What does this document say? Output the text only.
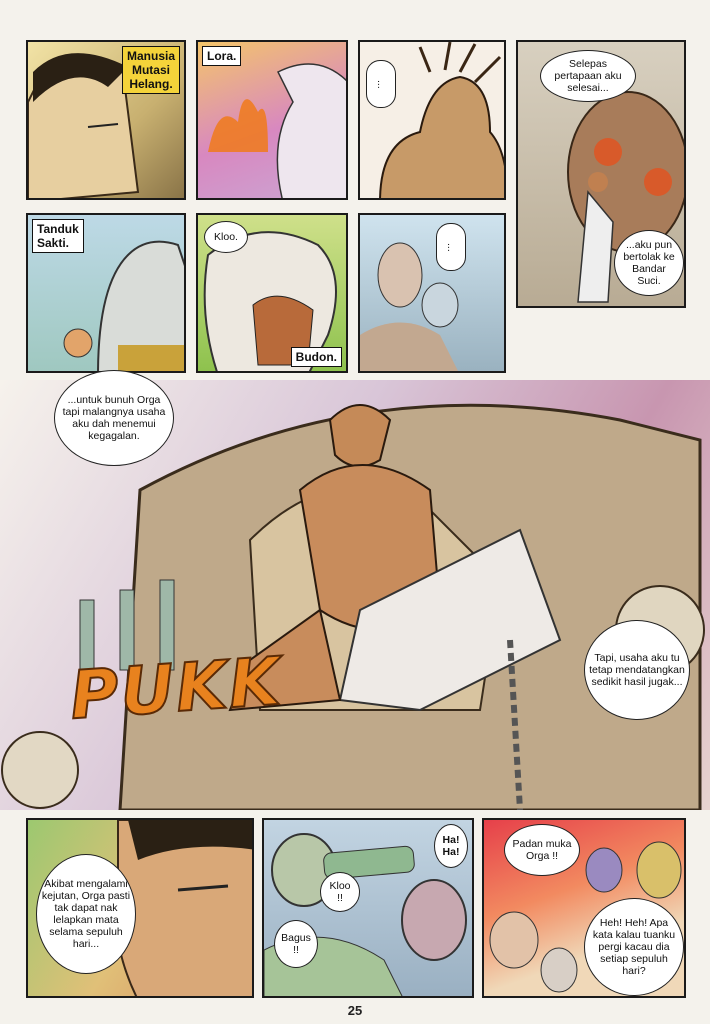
Manusia
Mutasi
Helang.
Lora.
...
Selepas pertapaan aku selesai...
...aku pun bertolak ke Bandar Suci.
Tanduk
Sakti.	Kloo.
Budon.
...
...untuk bunuh Orga tapi malangnya usaha aku dah menemui kegagalan.
Tapi, usaha aku tu tetap mendatangkan sedikit hasil jugak...
PUKK
Akibat mengalami kejutan, Orga pasti tak dapat nak lelapkan mata selama sepuluh hari...
Ha!
Ha!
Kloo
!!
Bagus
!!
Padan muka Orga !!
Heh! Heh! Apa kata kalau tuanku pergi kacau dia setiap sepuluh hari?
25
